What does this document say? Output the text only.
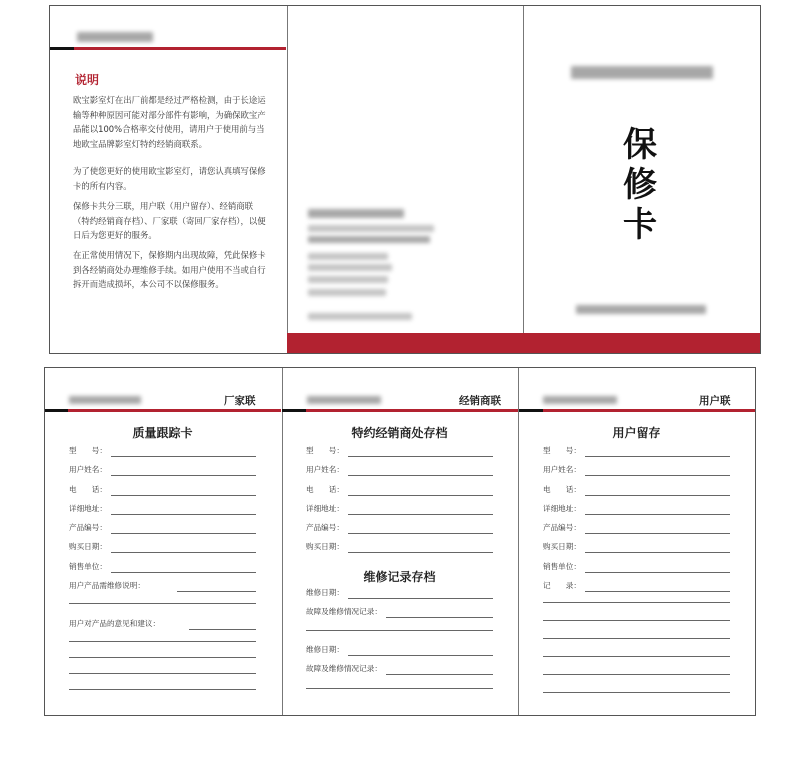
说明

欧宝影室灯在出厂前都是经过严格检测，由于长途运输等种种原因可能对部分部件有影响，为确保欧宝产品能以100%合格率交付使用，请用户于使用前与当地欧宝品牌影室灯特约经销商联系。

为了使您更好的使用欧宝影室灯，请您认真填写保修卡的所有内容。

保修卡共分三联，用户联（用户留存）、经销商联（特约经销商存档）、厂家联（寄回厂家存档），以便日后为您更好的服务。

在正常使用情况下，保修期内出现故障，凭此保修卡到各经销商处办理维修手续。如用户使用不当或自行拆开而造成损坏，本公司不以保修服务。

保
修
卡
厂家联	经销商联	用户联
质量跟踪卡
型　　号：
用户姓名：
电　　话：
详细地址：
产品编号：
购买日期：
销售单位：
用户产品需维修说明：
用户对产品的意见和建议：
特约经销商处存档
型　　号：
用户姓名：
电　　话：
详细地址：
产品编号：
购买日期：
维修记录存档
维修日期：
故障及维修情况记录：
维修日期：
故障及维修情况记录：
用户留存
型　　号：
用户姓名：
电　　话：
详细地址：
产品编号：
购买日期：
销售单位：
记　　录：
